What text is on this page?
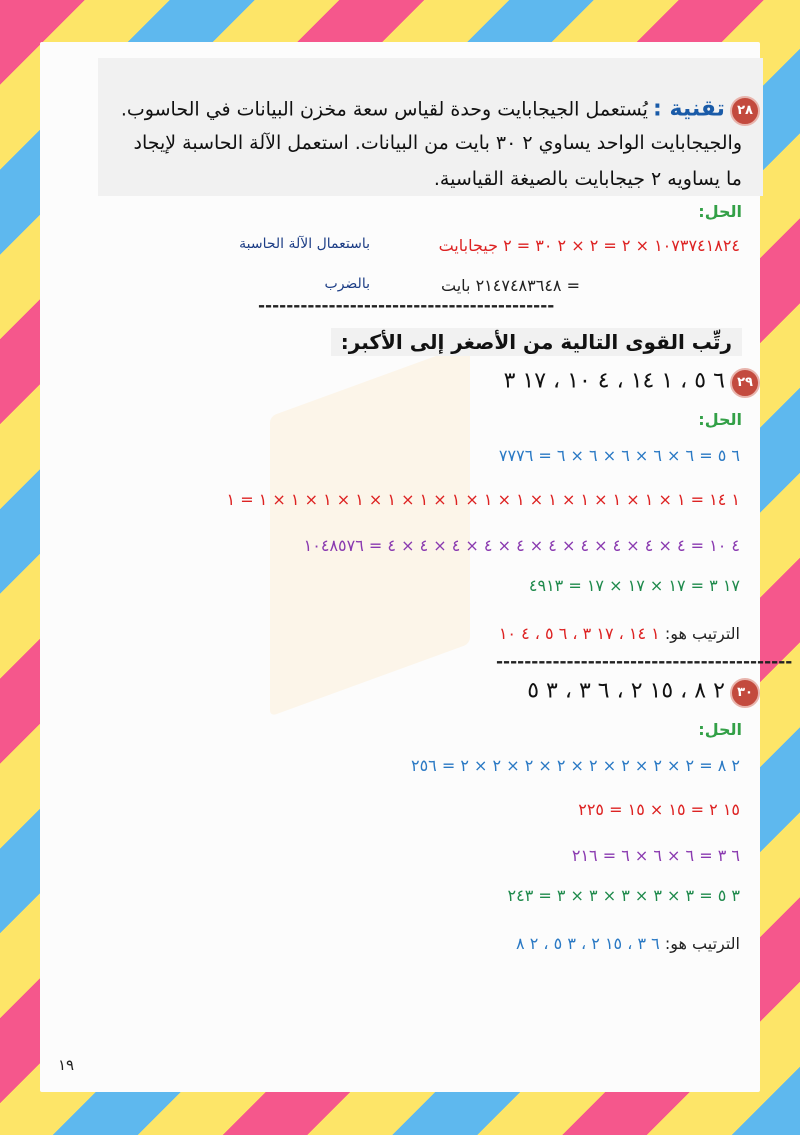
٢٨ تقنية : يُستعمل الجيجابايت وحدة لقياس سعة مخزن البيانات في الحاسوب.
والجيجابايت الواحد يساوي ٢ ٣٠ بايت من البيانات. استعمل الآلة الحاسبة لإيجاد
ما يساويه ٢ جيجابايت بالصيغة القياسية.
الحل:
١٠٧٣٧٤١٨٢٤ × ٢ = ٢ × ٢ ٣٠ = ٢ جيجابايت
باستعمال الآلة الحاسبة
= ٢١٤٧٤٨٣٦٤٨ بايت
بالضرب
------------------------------------------
رتِّب القوى التالية من الأصغر إلى الأكبر:
٢٩ ٦ ٥ ، ١ ١٤ ، ٤ ١٠ ، ١٧ ٣
الحل:
٦ ٥ = ٦ × ٦ × ٦ × ٦ × ٦ = ٧٧٧٦
١ ١٤ = ١ × ١ × ١ × ١ × ١ × ١ × ١ × ١ × ١ × ١ × ١ × ١ × ١ × ١ = ١
٤ ١٠ = ٤ × ٤ × ٤ × ٤ × ٤ × ٤ × ٤ × ٤ × ٤ × ٤ = ١٠٤٨٥٧٦
١٧ ٣ = ١٧ × ١٧ × ١٧ = ٤٩١٣
الترتيب هو: ١ ١٤ ، ١٧ ٣ ، ٦ ٥ ، ٤ ١٠
------------------------------------------
٣٠ ٢ ٨ ، ١٥ ٢ ، ٦ ٣ ، ٣ ٥
الحل:
٢ ٨ = ٢ × ٢ × ٢ × ٢ × ٢ × ٢ × ٢ × ٢ = ٢٥٦
١٥ ٢ = ١٥ × ١٥ = ٢٢٥
٦ ٣ = ٦ × ٦ × ٦ = ٢١٦
٣ ٥ = ٣ × ٣ × ٣ × ٣ × ٣ = ٢٤٣
الترتيب هو: ٦ ٣ ، ١٥ ٢ ، ٣ ٥ ، ٢ ٨
١٩
